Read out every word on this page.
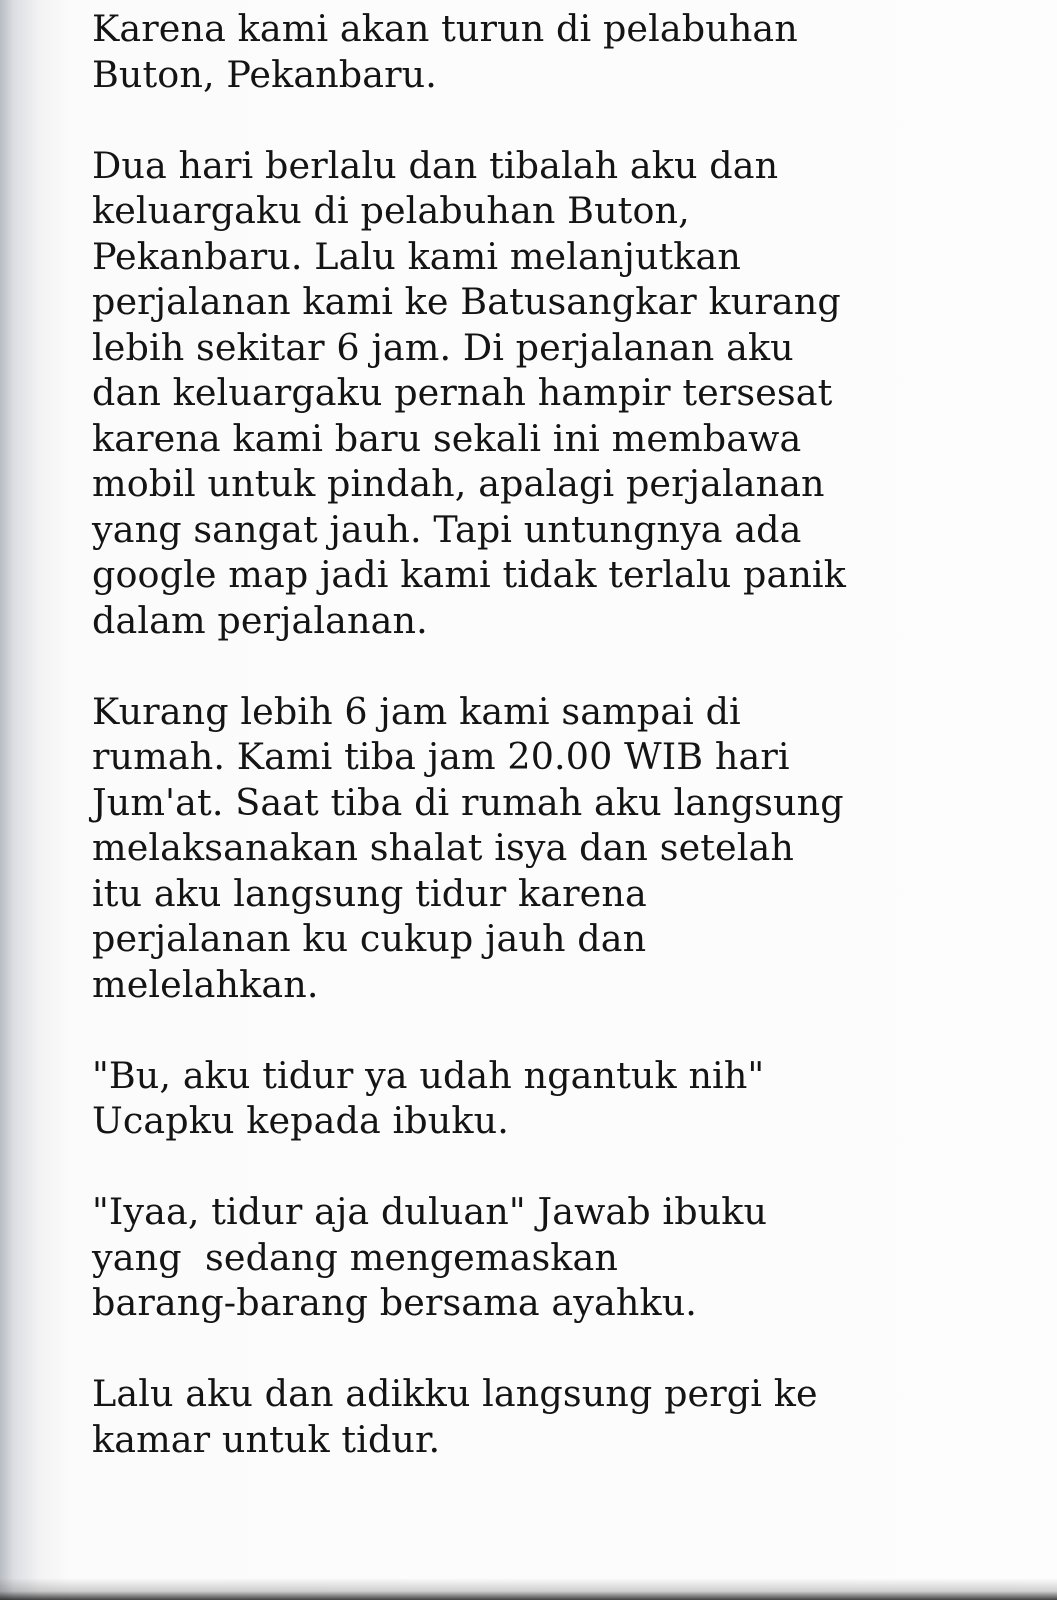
Karena kami akan turun di pelabuhan
Buton, Pekanbaru.

Dua hari berlalu dan tibalah aku dan
keluargaku di pelabuhan Buton,
Pekanbaru. Lalu kami melanjutkan
perjalanan kami ke Batusangkar kurang
lebih sekitar 6 jam. Di perjalanan aku
dan keluargaku pernah hampir tersesat
karena kami baru sekali ini membawa
mobil untuk pindah, apalagi perjalanan
yang sangat jauh. Tapi untungnya ada
google map jadi kami tidak terlalu panik
dalam perjalanan.

Kurang lebih 6 jam kami sampai di
rumah. Kami tiba jam 20.00 WIB hari
Jum'at. Saat tiba di rumah aku langsung
melaksanakan shalat isya dan setelah
itu aku langsung tidur karena
perjalanan ku cukup jauh dan
melelahkan.

"Bu, aku tidur ya udah ngantuk nih"
Ucapku kepada ibuku.

"Iyaa, tidur aja duluan" Jawab ibuku
yang  sedang mengemaskan
barang-barang bersama ayahku.

Lalu aku dan adikku langsung pergi ke
kamar untuk tidur.
